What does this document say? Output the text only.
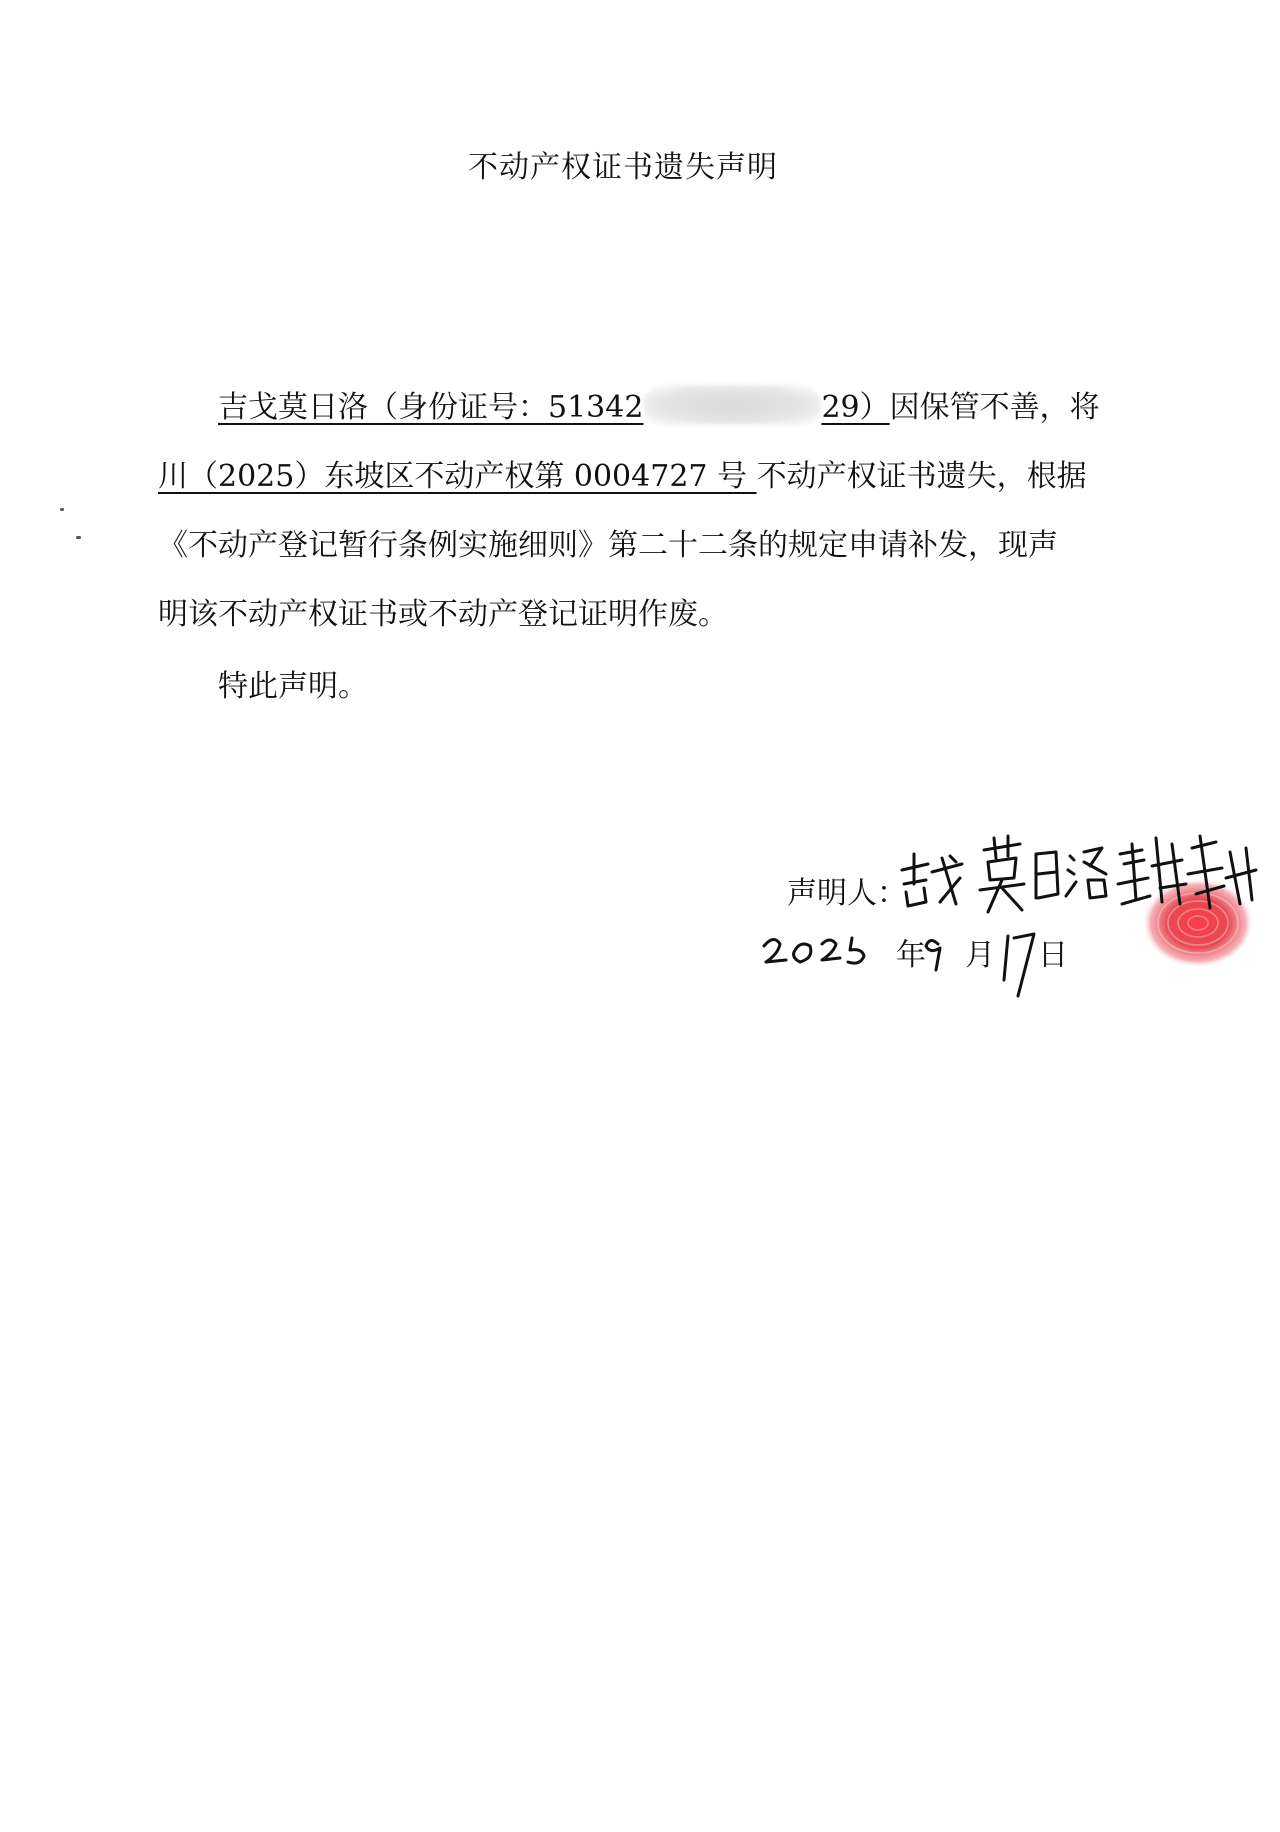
不动产权证书遗失声明
吉戈莫日洛（身份证号：51342	29）因保管不善，将
川（2025）东坡区不动产权第 0004727 号 不动产权证书遗失，根据
《不动产登记暂行条例实施细则》第二十二条的规定申请补发，现声
明该不动产权证书或不动产登记证明作废。
特此声明。
声明人：
年 月 日
